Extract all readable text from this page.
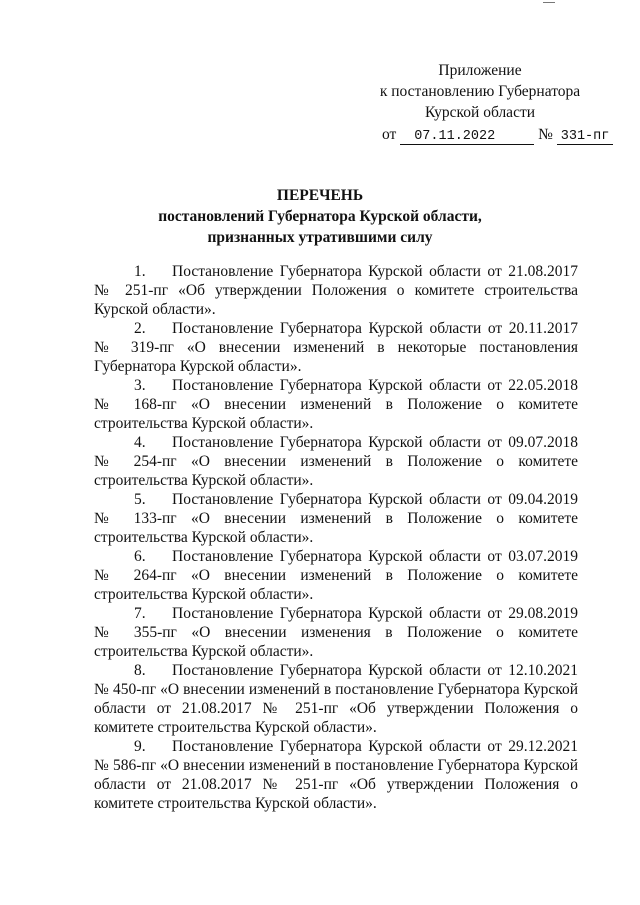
Приложение
к постановлению Губернатора
Курской области
от 07.11.2022	№ 331-пг
ПЕРЕЧЕНЬ
постановлений Губернатора Курской области,
признанных утратившими силу
1. Постановление Губернатора Курской области от 21.08.2017 № 251-пг «Об утверждении Положения о комитете строительства Курской области».
2. Постановление Губернатора Курской области от 20.11.2017 № 319-пг «О внесении изменений в некоторые постановления Губернатора Курской области».
3. Постановление Губернатора Курской области от 22.05.2018 № 168-пг «О внесении изменений в Положение о комитете строительства Курской области».
4. Постановление Губернатора Курской области от 09.07.2018 № 254-пг «О внесении изменений в Положение о комитете строительства Курской области».
5. Постановление Губернатора Курской области от 09.04.2019 № 133-пг «О внесении изменений в Положение о комитете строительства Курской области».
6. Постановление Губернатора Курской области от 03.07.2019 № 264-пг «О внесении изменений в Положение о комитете строительства Курской области».
7. Постановление Губернатора Курской области от 29.08.2019 № 355-пг «О внесении изменения в Положение о комитете строительства Курской области».
8. Постановление Губернатора Курской области от 12.10.2021 № 450-пг «О внесении изменений в постановление Губернатора Курской области от 21.08.2017 № 251-пг «Об утверждении Положения о комитете строительства Курской области».
9. Постановление Губернатора Курской области от 29.12.2021 № 586-пг «О внесении изменений в постановление Губернатора Курской области от 21.08.2017 № 251-пг «Об утверждении Положения о комитете строительства Курской области».
